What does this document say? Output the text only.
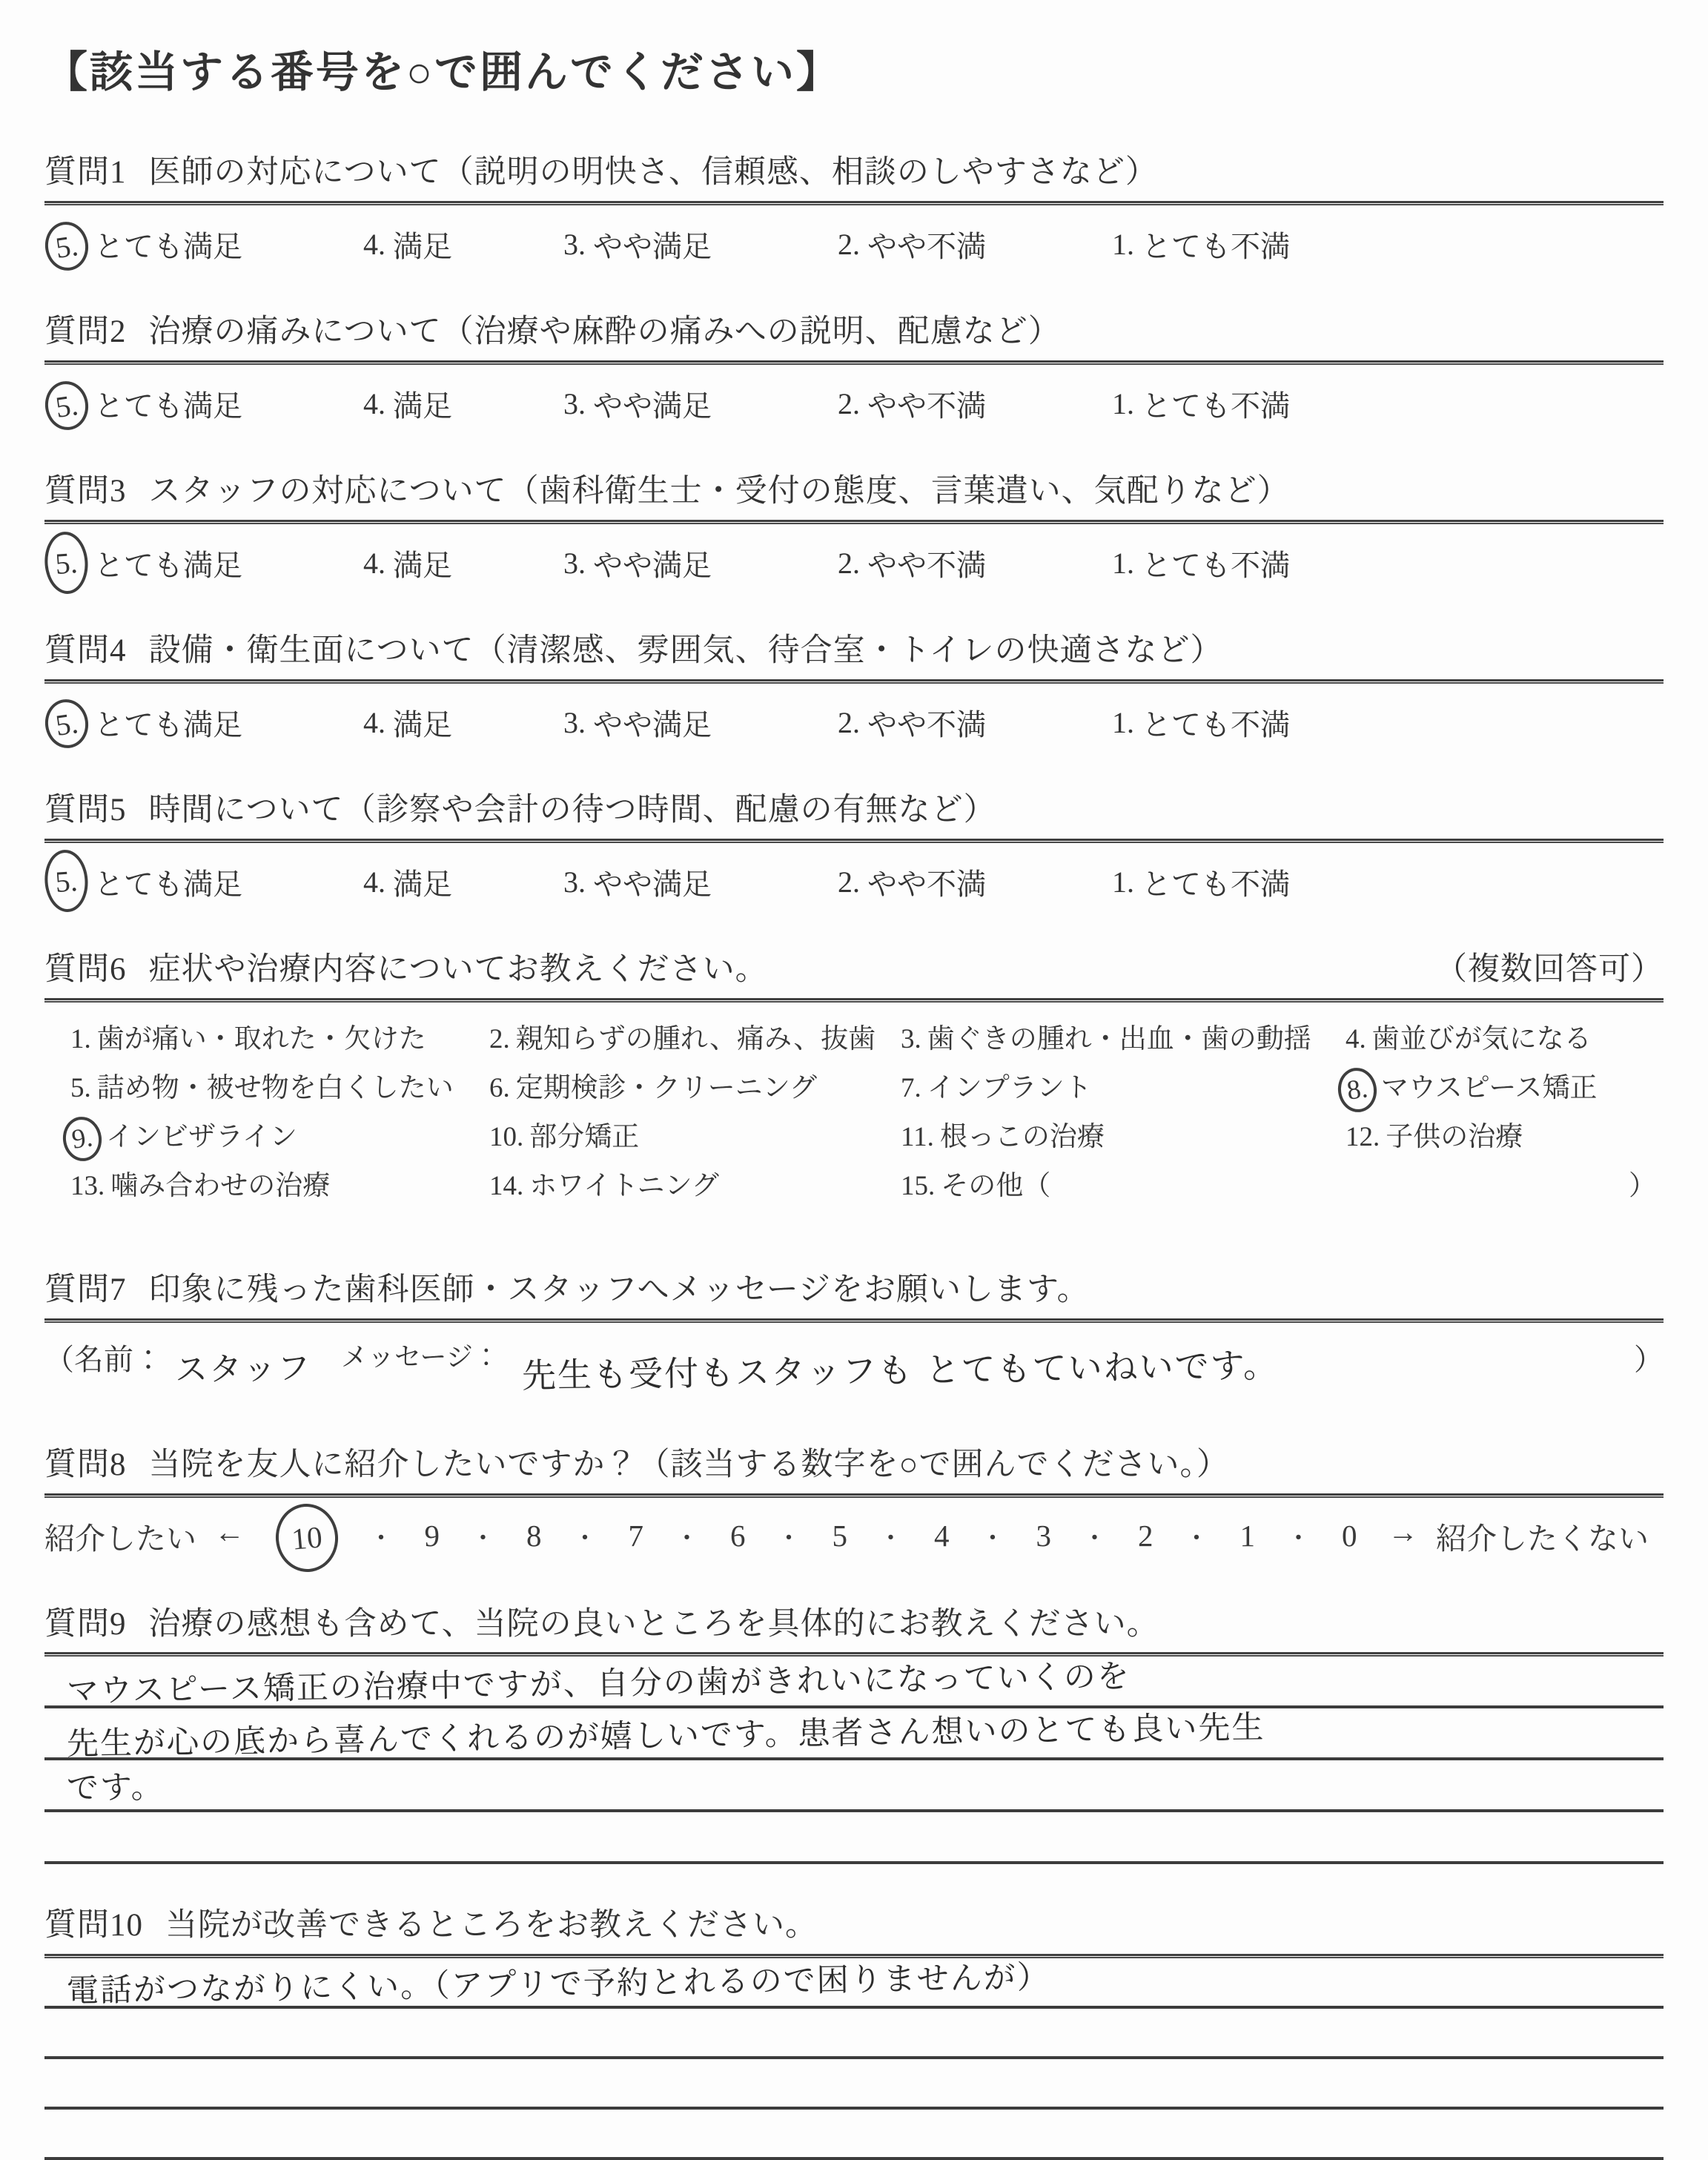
【該当する番号を○で囲んでください】
質問1 医師の対応について（説明の明快さ、信頼感、相談のしやすさなど）
5. とても満足	4. 満足	3. やや満足	2. やや不満	1. とても不満
質問2 治療の痛みについて（治療や麻酔の痛みへの説明、配慮など）
5. とても満足	4. 満足	3. やや満足	2. やや不満	1. とても不満
質問3 スタッフの対応について（歯科衛生士・受付の態度、言葉遣い、気配りなど）
5. とても満足	4. 満足	3. やや満足	2. やや不満	1. とても不満
質問4 設備・衛生面について（清潔感、雰囲気、待合室・トイレの快適さなど）
5. とても満足	4. 満足	3. やや満足	2. やや不満	1. とても不満
質問5 時間について（診察や会計の待つ時間、配慮の有無など）
5. とても満足	4. 満足	3. やや満足	2. やや不満	1. とても不満
質問6 症状や治療内容についてお教えください。	（複数回答可）
1. 歯が痛い・取れた・欠けた 2. 親知らずの腫れ、痛み、抜歯 3. 歯ぐきの腫れ・出血・歯の動揺 4. 歯並びが気になる
5. 詰め物・被せ物を白くしたい 6. 定期検診・クリーニング	7. インプラント	8. マウスピース矯正
9. インビザライン	10. 部分矯正	11. 根っこの治療	12. 子供の治療
13. 噛み合わせの治療	14. ホワイトニング	15. その他（	）
質問7 印象に残った歯科医師・スタッフへメッセージをお願いします。
（名前： スタッフ メッセージ： 先生も受付もスタッフも とてもていねいです。	）
質問8 当院を友人に紹介したいですか？（該当する数字を○で囲んでください。）
紹介したい ← 10 ・ 9 ・ 8 ・ 7 ・ 6 ・ 5 ・ 4 ・ 3 ・ 2 ・ 1 ・ 0 → 紹介したくない
質問9 治療の感想も含めて、当院の良いところを具体的にお教えください。
マウスピース矯正の治療中ですが、自分の歯がきれいになっていくのを
先生が心の底から喜んでくれるのが嬉しいです。患者さん想いのとても良い先生
です。
質問10 当院が改善できるところをお教えください。
電話がつながりにくい。（アプリで予約とれるので困りませんが）
